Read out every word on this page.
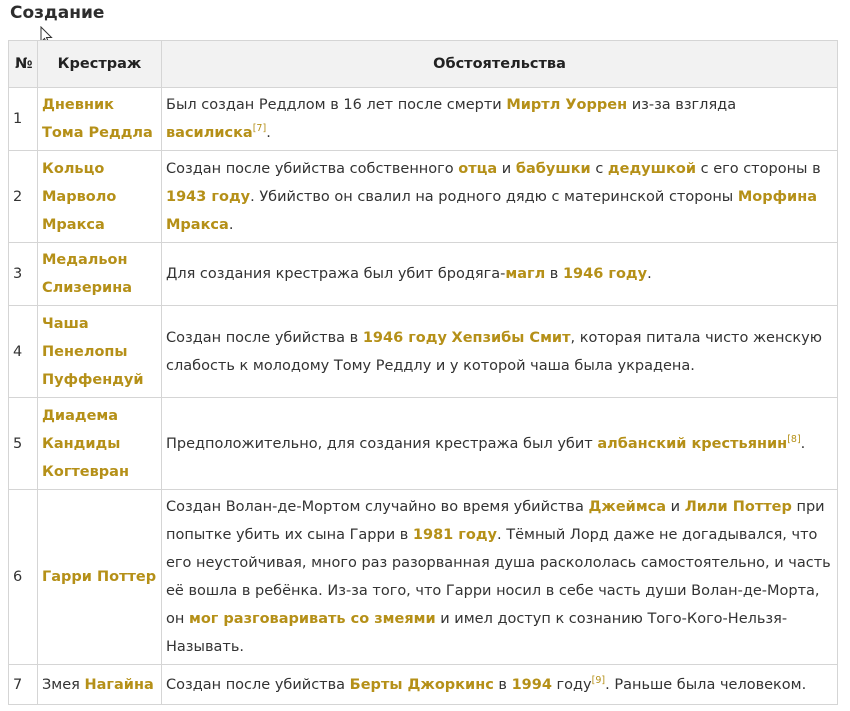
Создание
№	Крестраж	Обстоятельства
1	Дневник Тома Реддла	Был создан Реддлом в 16 лет после смерти Миртл Уоррен из-за взгляда василиска[7].
2	Кольцо Марволо Мракса	Создан после убийства собственного отца и бабушки с дедушкой с его стороны в 1943 году. Убийство он свалил на родного дядю с материнской стороны Морфина Мракса.
3	Медальон Слизерина	Для создания крестража был убит бродяга-магл в 1946 году.
4	Чаша Пенелопы Пуффендуй	Создан после убийства в 1946 году Хепзибы Смит, которая питала чисто женскую слабость к молодому Тому Реддлу и у которой чаша была украдена.
5	Диадема Кандиды Когтевран	Предположительно, для создания крестража был убит албанский крестьянин[8].
6	Гарри Поттер	Создан Волан-де-Мортом случайно во время убийства Джеймса и Лили Поттер при попытке убить их сына Гарри в 1981 году. Тёмный Лорд даже не догадывался, что его неустойчивая, много раз разорванная душа раскололась самостоятельно, и часть её вошла в ребёнка. Из-за того, что Гарри носил в себе часть души Волан-де-Морта, он мог разговаривать со змеями и имел доступ к сознанию Того-Кого-Нельзя-Называть.
7	Змея Нагайна	Создан после убийства Берты Джоркинс в 1994 году[9]. Раньше была человеком.
